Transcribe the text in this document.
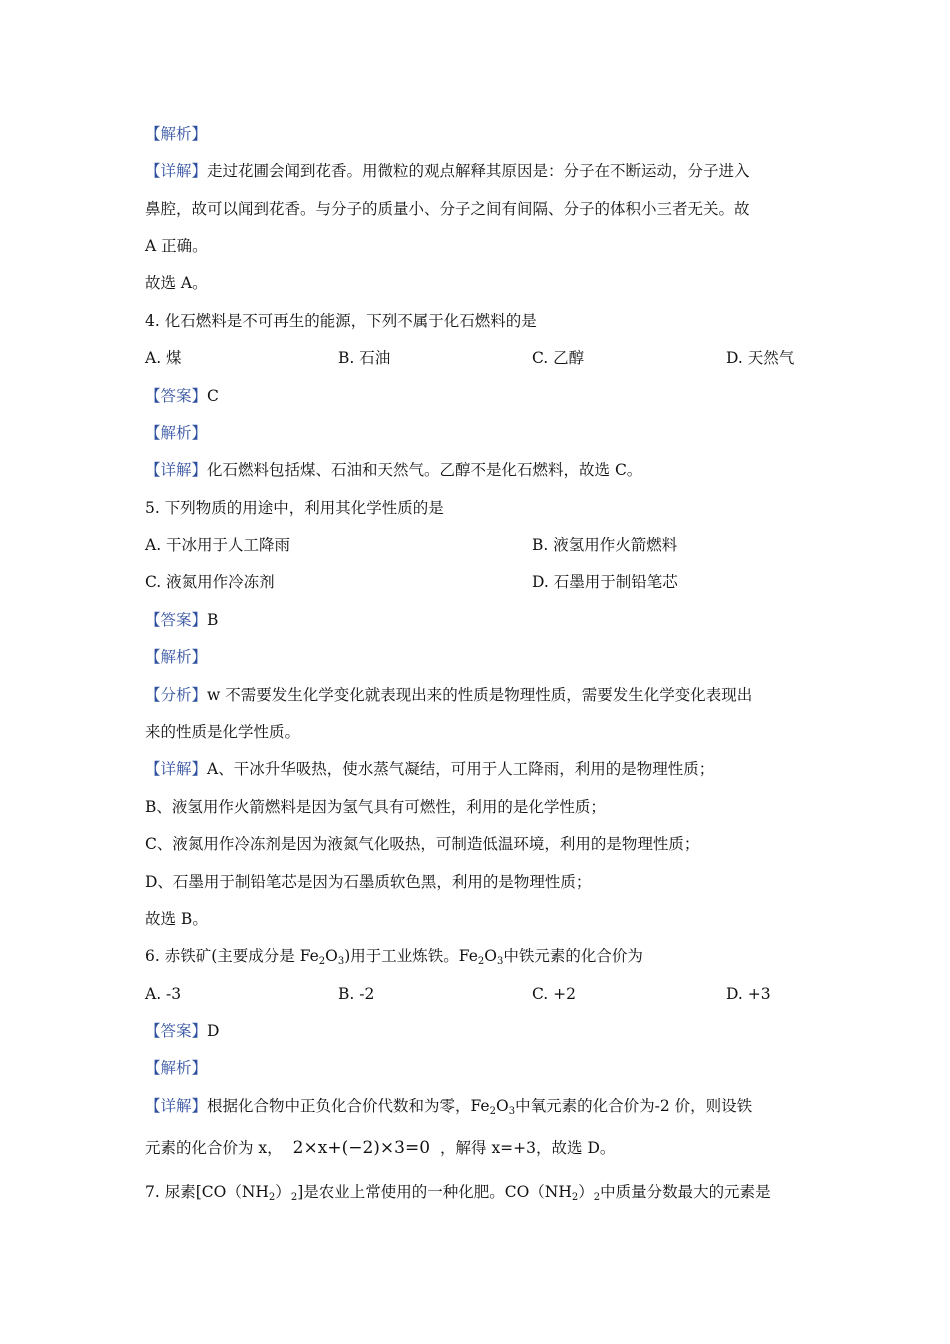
【解析】
【详解】走过花圃会闻到花香。用微粒的观点解释其原因是：分子在不断运动，分子进入
鼻腔，故可以闻到花香。与分子的质量小、分子之间有间隔、分子的体积小三者无关。故
A 正确。
故选 A。
4. 化石燃料是不可再生的能源，下列不属于化石燃料的是
A. 煤	B. 石油	C. 乙醇	D. 天然气
【答案】C
【解析】
【详解】化石燃料包括煤、石油和天然气。乙醇不是化石燃料，故选 C。
5. 下列物质的用途中，利用其化学性质的是
A. 干冰用于人工降雨	B. 液氢用作火箭燃料
C. 液氮用作冷冻剂	D. 石墨用于制铅笔芯
【答案】B
【解析】
【分析】w 不需要发生化学变化就表现出来的性质是物理性质，需要发生化学变化表现出
来的性质是化学性质。
【详解】A、干冰升华吸热，使水蒸气凝结，可用于人工降雨，利用的是物理性质；
B、液氢用作火箭燃料是因为氢气具有可燃性，利用的是化学性质；
C、液氮用作冷冻剂是因为液氮气化吸热，可制造低温环境，利用的是物理性质；
D、石墨用于制铅笔芯是因为石墨质软色黑，利用的是物理性质；
故选 B。
6. 赤铁矿(主要成分是 $Fe_2O_3$)用于工业炼铁。$Fe_2O_3$中铁元素的化合价为
A. -3	B. -2	C. +2	D. +3
【答案】D
【解析】
【详解】根据化合物中正负化合价代数和为零，$Fe_2O_3$中氧元素的化合价为-2 价，则设铁
元素的化合价为 x， 2×x+(−2)×3=0 ，解得 x=+3，故选 D。
7. 尿素$[CO(NH_2)_2]$是农业上常使用的一种化肥。$CO(NH_2)_2$中质量分数最大的元素是
